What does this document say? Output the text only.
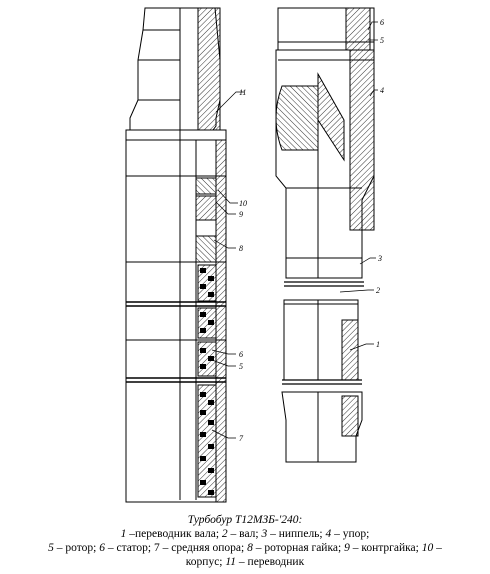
11
10
9
8
6
5
7
6
5
4
3
2
1
Турбобур Т12МЗБ-'240:
1 –переводник вала; 2 – вал; 3 – ниппель; 4 – упор;
5 – ротор; 6 – статор; 7 – средняя опора; 8 – роторная гайка; 9 – контргайка; 10 –
корпус; 11 – переводник
